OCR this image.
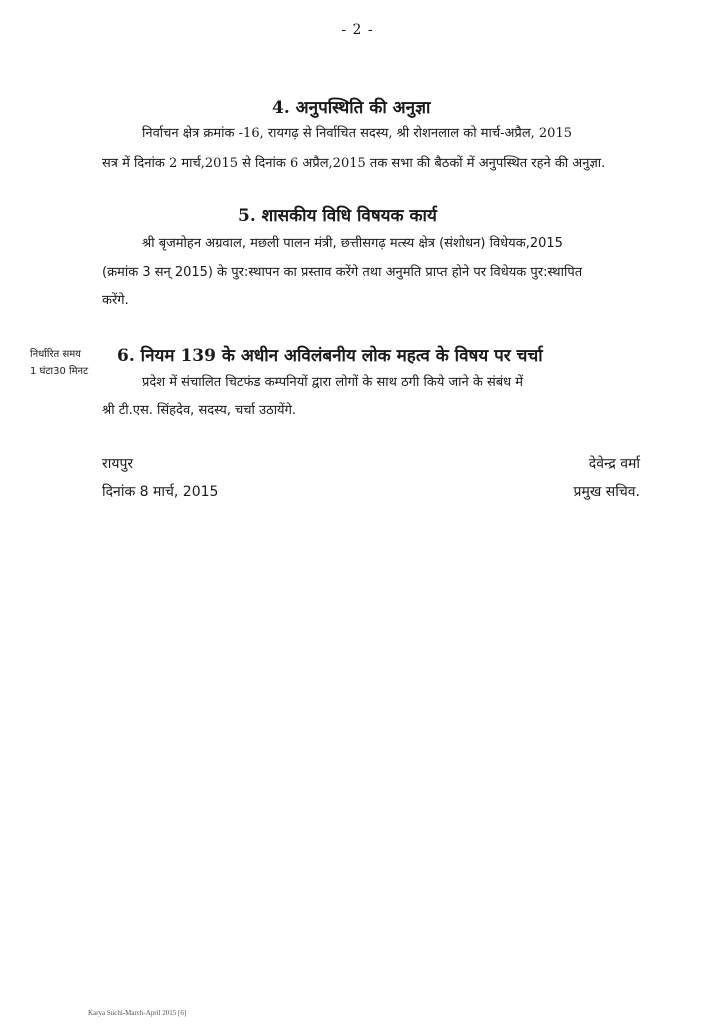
- 2 -
4. अनुपस्थिति की अनुज्ञा
निर्वाचन क्षेत्र क्रमांक -16, रायगढ़ से निर्वाचित सदस्य, श्री रोशनलाल को मार्च-अप्रैल, 2015
सत्र में दिनांक 2 मार्च,2015 से दिनांक 6 अप्रैल,2015 तक सभा की बैठकों में अनुपस्थित रहने की अनुज्ञा.
5. शासकीय विधि विषयक कार्य
श्री बृजमोहन अग्रवाल, मछली पालन मंत्री, छत्तीसगढ़ मत्स्य क्षेत्र (संशोधन) विधेयक,2015
(क्रमांक 3 सन् 2015) के पुर:स्थापन का प्रस्ताव करेंगे तथा अनुमति प्राप्त होने पर विधेयक पुर:स्थापित
करेंगे.
निर्धारित समय
1 घंटा30 मिनट
6. नियम 139 के अधीन अविलंबनीय लोक महत्व के विषय पर चर्चा
प्रदेश में संचालित चिटफंड कम्पनियों द्वारा लोगों के साथ ठगी किये जाने के संबंध में
श्री टी.एस. सिंहदेव, सदस्य, चर्चा उठायेंगे.
रायपुर
दिनांक 8 मार्च, 2015
देवेन्द्र वर्मा
प्रमुख सचिव.
Karya Suchi-March-April 2015 [6]
